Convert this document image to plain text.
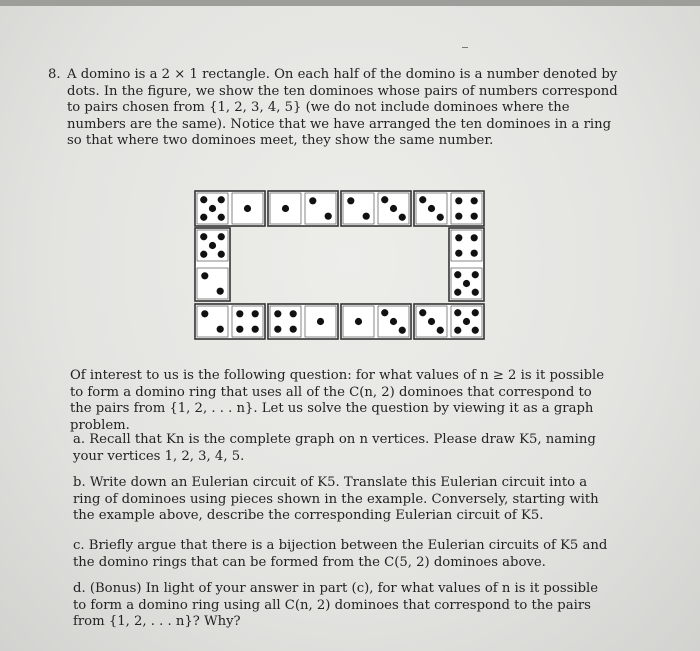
8. A domino is a 2 × 1 rectangle. On each half of the domino is a number denoted by dots. In the figure, we show the ten dominoes whose pairs of numbers correspond to pairs chosen from {1, 2, 3, 4, 5} (we do not include dominoes where the numbers are the same). Notice that we have arranged the ten dominoes in a ring so that where two dominoes meet, they show the same number.
Of interest to us is the following question: for what values of n ≥ 2 is it possible to form a domino ring that uses all of the C(n, 2) dominoes that correspond to the pairs from {1, 2, . . . n}. Let us solve the question by viewing it as a graph problem.
a. Recall that Kn is the complete graph on n vertices. Please draw K5, naming your vertices 1, 2, 3, 4, 5.
b. Write down an Eulerian circuit of K5. Translate this Eulerian circuit into a ring of dominoes using pieces shown in the example. Conversely, starting with the example above, describe the corresponding Eulerian circuit of K5.
c. Briefly argue that there is a bijection between the Eulerian circuits of K5 and the domino rings that can be formed from the C(5, 2) dominoes above.
d. (Bonus) In light of your answer in part (c), for what values of n is it possible to form a domino ring using all C(n, 2) dominoes that correspond to the pairs from {1, 2, . . . n}? Why?
